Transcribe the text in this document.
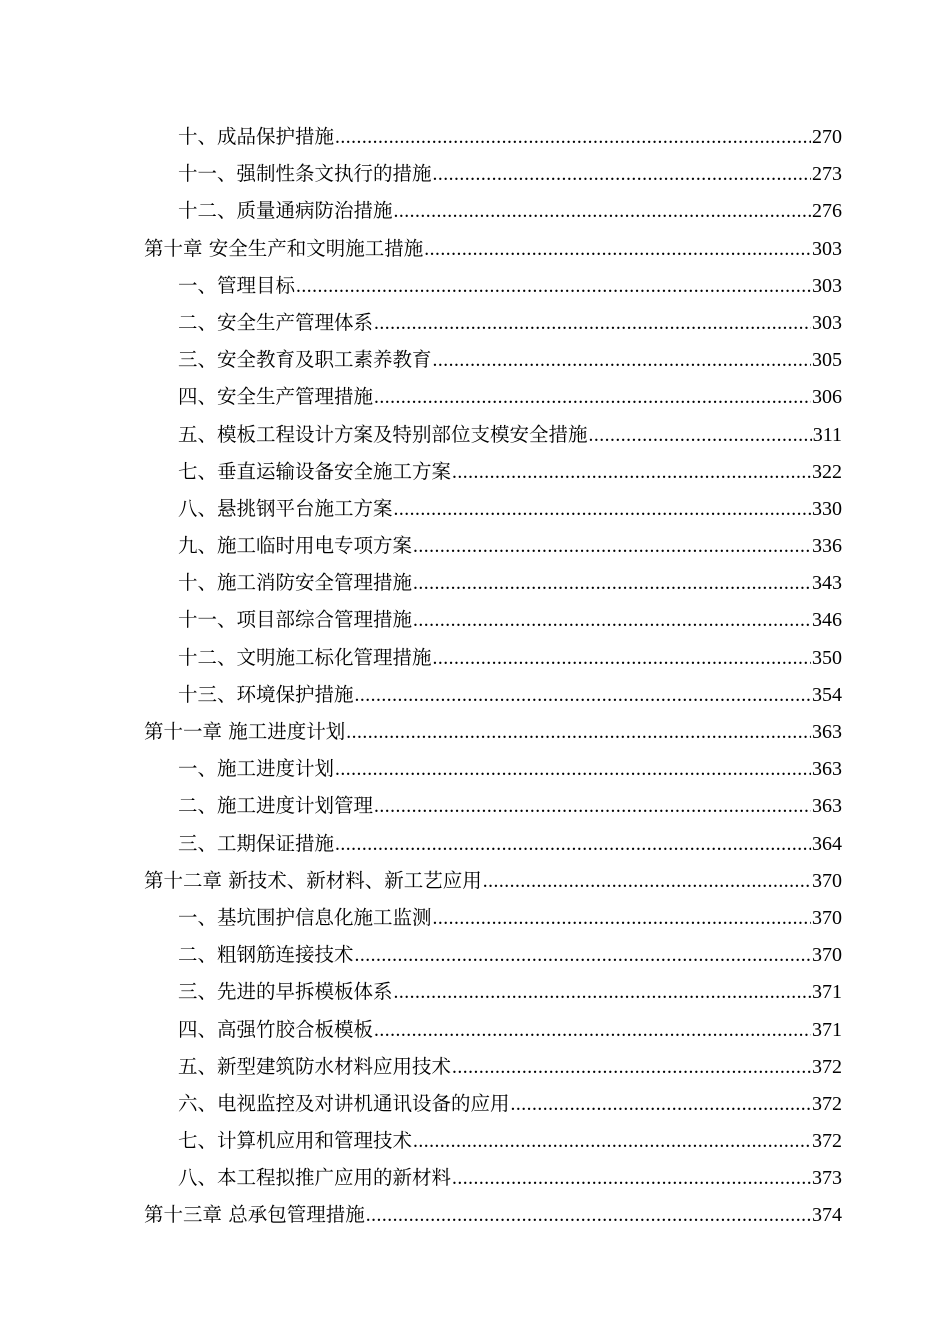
十、成品保护措施 .....	270
十一、强制性条文执行的措施 .....	273
十二、质量通病防治措施 .....	276
第十章 安全生产和文明施工措施 .....	303
一、管理目标 .....	303
二、安全生产管理体系 .....	303
三、安全教育及职工素养教育 .....	305
四、安全生产管理措施 .....	306
五、模板工程设计方案及特别部位支模安全措施 .....	311
七、垂直运输设备安全施工方案 .....	322
八、悬挑钢平台施工方案 .....	330
九、施工临时用电专项方案 .....	336
十、施工消防安全管理措施 .....	343
十一、项目部综合管理措施 .....	346
十二、文明施工标化管理措施 .....	350
十三、环境保护措施 .....	354
第十一章 施工进度计划 .....	363
一、施工进度计划 .....	363
二、施工进度计划管理 .....	363
三、工期保证措施 .....	364
第十二章 新技术、新材料、新工艺应用 .....	370
一、基坑围护信息化施工监测 .....	370
二、粗钢筋连接技术 .....	370
三、先进的早拆模板体系 .....	371
四、高强竹胶合板模板 .....	371
五、新型建筑防水材料应用技术 .....	372
六、电视监控及对讲机通讯设备的应用 .....	372
七、计算机应用和管理技术 .....	372
八、本工程拟推广应用的新材料 .....	373
第十三章 总承包管理措施 .....	374
